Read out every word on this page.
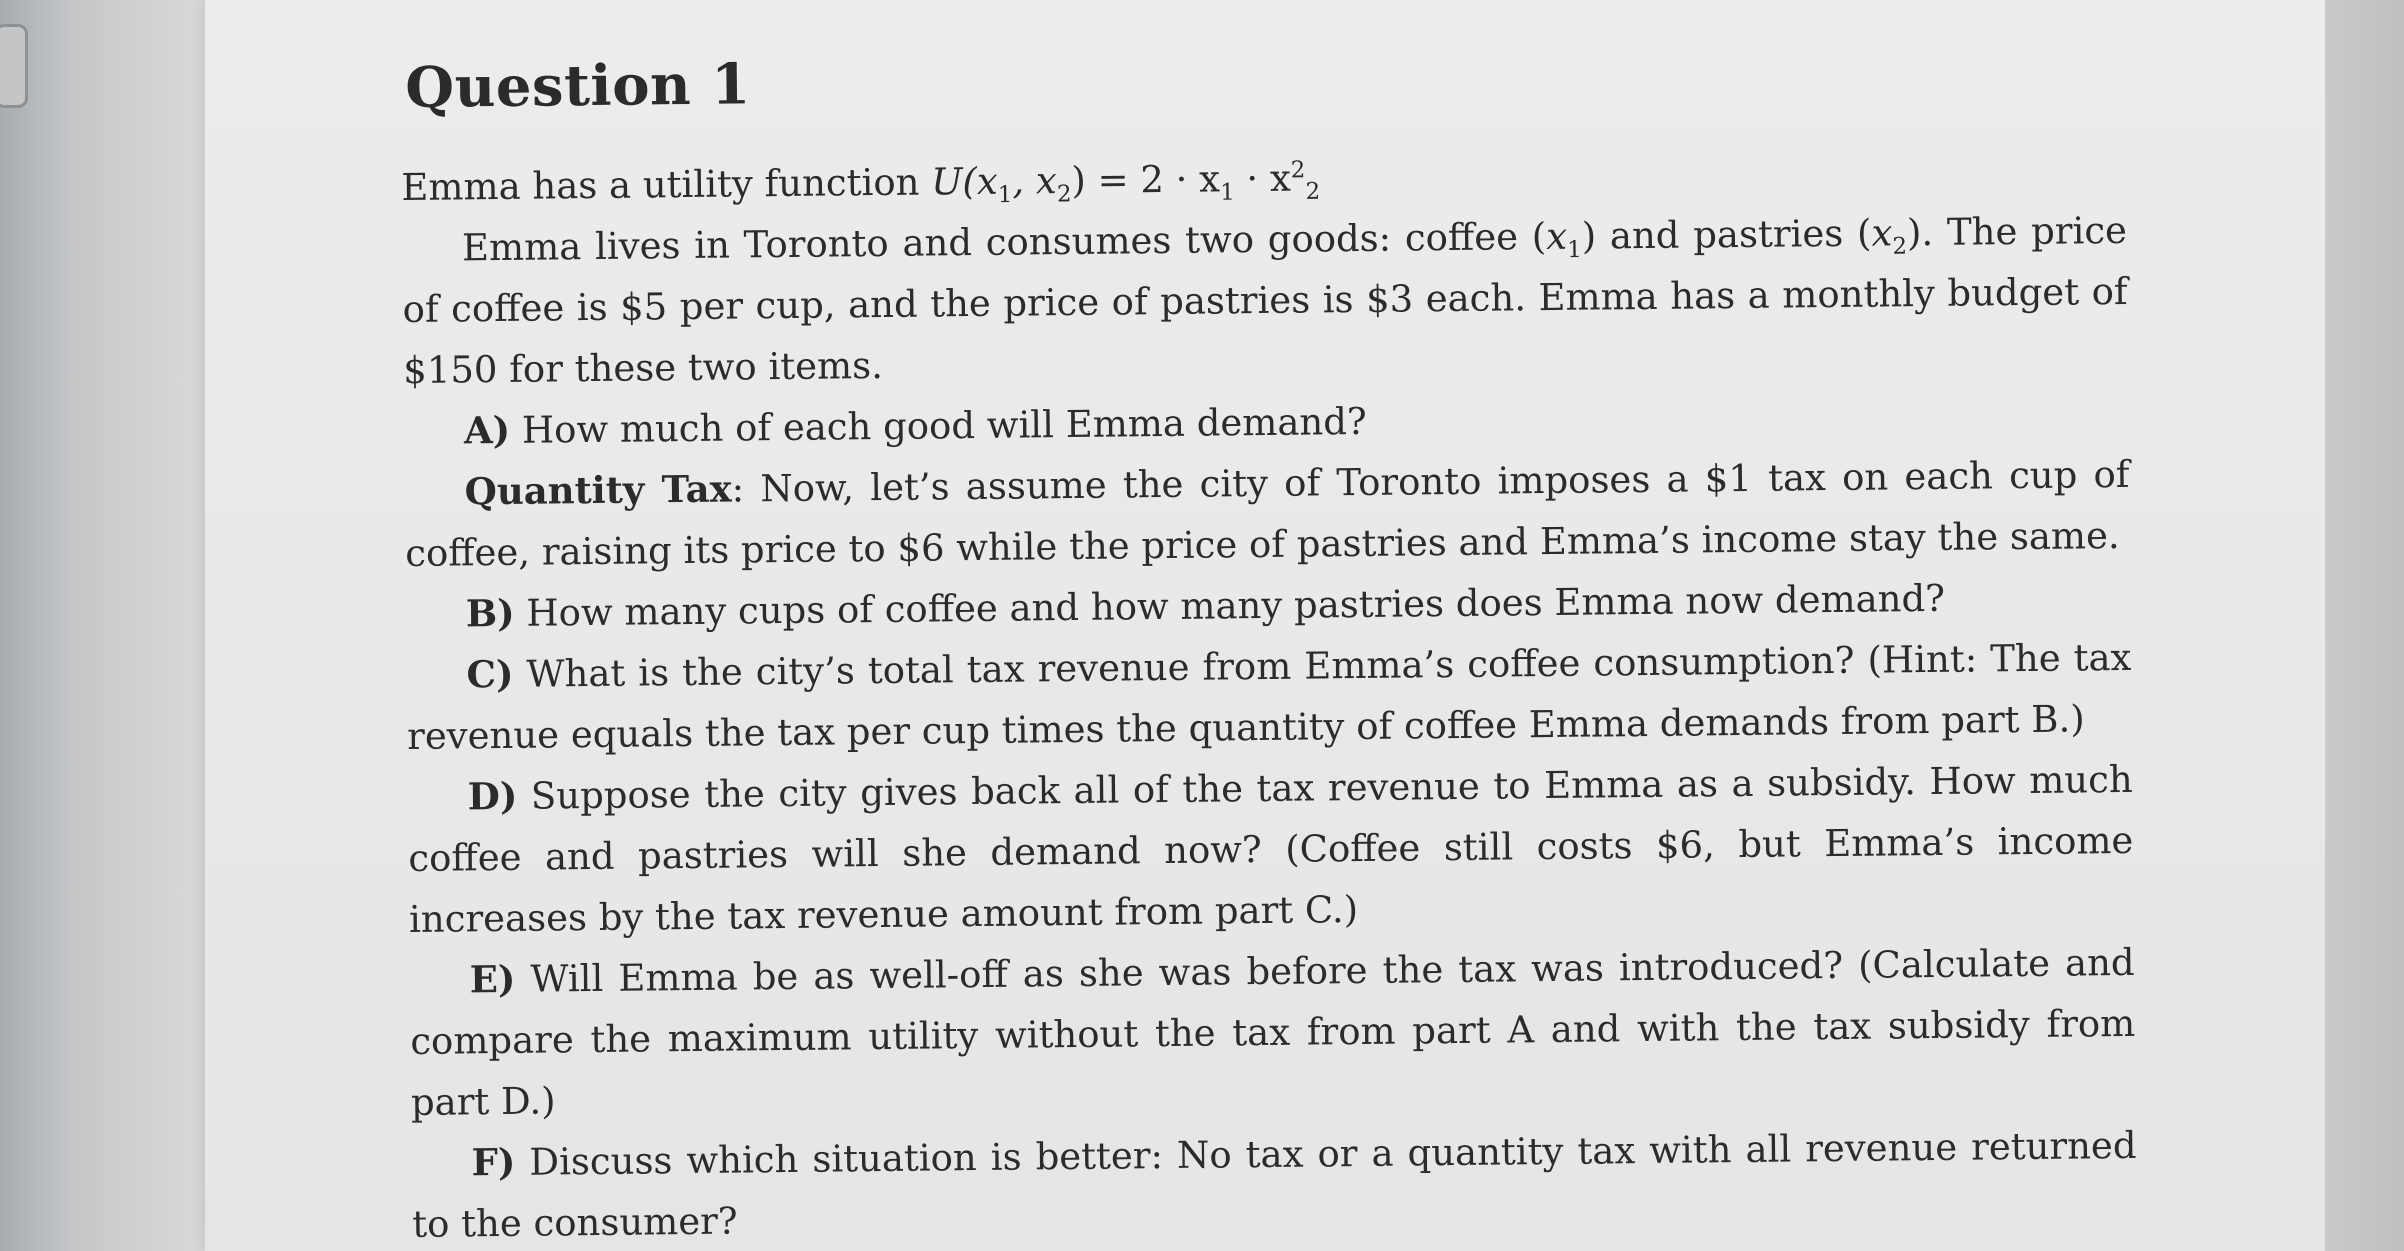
Question 1

Emma has a utility function $U(x_1$, $x_2) = 2 \cdot x_1 \cdot x^2_2$

Emma lives in Toronto and consumes two goods: coffee $(x_1)$ and pastries $(x_2)$. The price of coffee is $5 per cup, and the price of pastries is $3 each. Emma has a monthly budget of $150 for these two items.

A) How much of each good will Emma demand?

Quantity Tax: Now, let’s assume the city of Toronto imposes a $1 tax on each cup of coffee, raising its price to $6 while the price of pastries and Emma’s income stay the same.

B) How many cups of coffee and how many pastries does Emma now demand?

C) What is the city’s total tax revenue from Emma’s coffee consumption? (Hint: The tax revenue equals the tax per cup times the quantity of coffee Emma demands from part B.)

D) Suppose the city gives back all of the tax revenue to Emma as a subsidy. How much coffee and pastries will she demand now? (Coffee still costs $6, but Emma’s income increases by the tax revenue amount from part C.)

E) Will Emma be as well-off as she was before the tax was introduced? (Calculate and compare the maximum utility without the tax from part A and with the tax subsidy from part D.)

F) Discuss which situation is better: No tax or a quantity tax with all revenue returned to the consumer?
